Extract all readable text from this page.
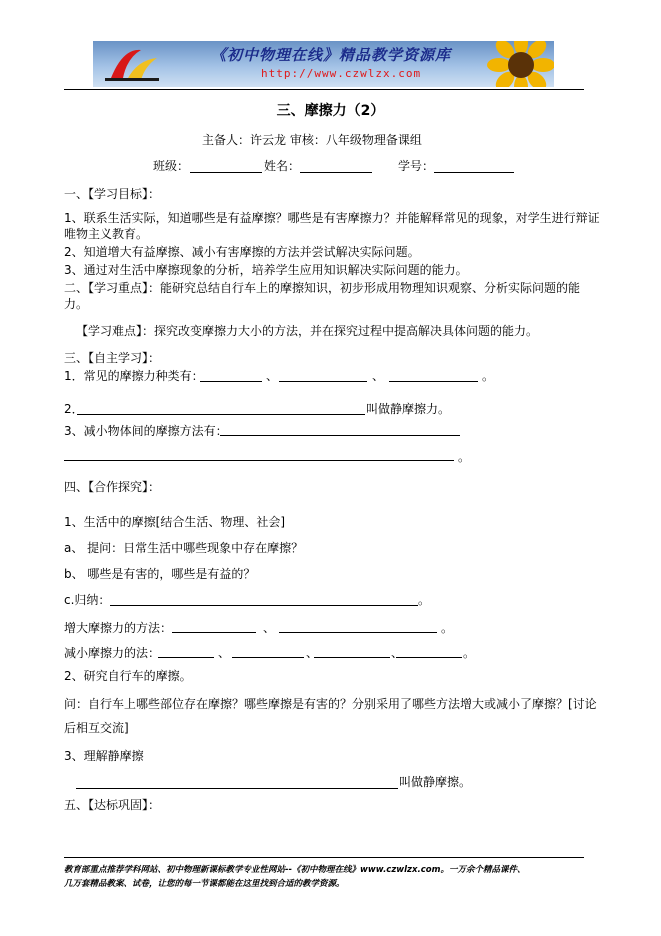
《初中物理在线》精品教学资源库
http://www.czwlzx.com
三、摩擦力（2）
主备人：许云龙 审核：八年级物理备课组
班级：	姓名：	学号：
一、【学习目标】：
1、联系生活实际，知道哪些是有益摩擦？哪些是有害摩擦力？并能解释常见的现象，对学生进行辩证
唯物主义教育。
2、知道增大有益摩擦、减小有害摩擦的方法并尝试解决实际问题。
3、通过对生活中摩擦现象的分析，培养学生应用知识解决实际问题的能力。
二、【学习重点】：能研究总结自行车上的摩擦知识，初步形成用物理知识观察、分析实际问题的能
力。
【学习难点】：探究改变摩擦力大小的方法，并在探究过程中提高解决具体问题的能力。
三、【自主学习】：
1．常见的摩擦力种类有：	、	、	。
2．	叫做静摩擦力。
3、减小物体间的摩擦方法有：
。
四、【合作探究】：
1、生活中的摩擦[结合生活、物理、社会]
a、 提问：日常生活中哪些现象中存在摩擦？
b、 哪些是有害的，哪些是有益的？
c.归纳：	。
增大摩擦力的方法：	、	。
减小摩擦力的法：	、	、	、	。
2、研究自行车的摩擦。
问：自行车上哪些部位存在摩擦？哪些摩擦是有害的？分别采用了哪些方法增大或减小了摩擦？[讨论
后相互交流]
3、理解静摩擦
叫做静摩擦。
五、【达标巩固】：
教育部重点推荐学科网站、初中物理新课标教学专业性网站--《初中物理在线》www.czwlzx.com。一万余个精品课件、
几万套精品教案、试卷，让您的每一节课都能在这里找到合适的教学资源。
